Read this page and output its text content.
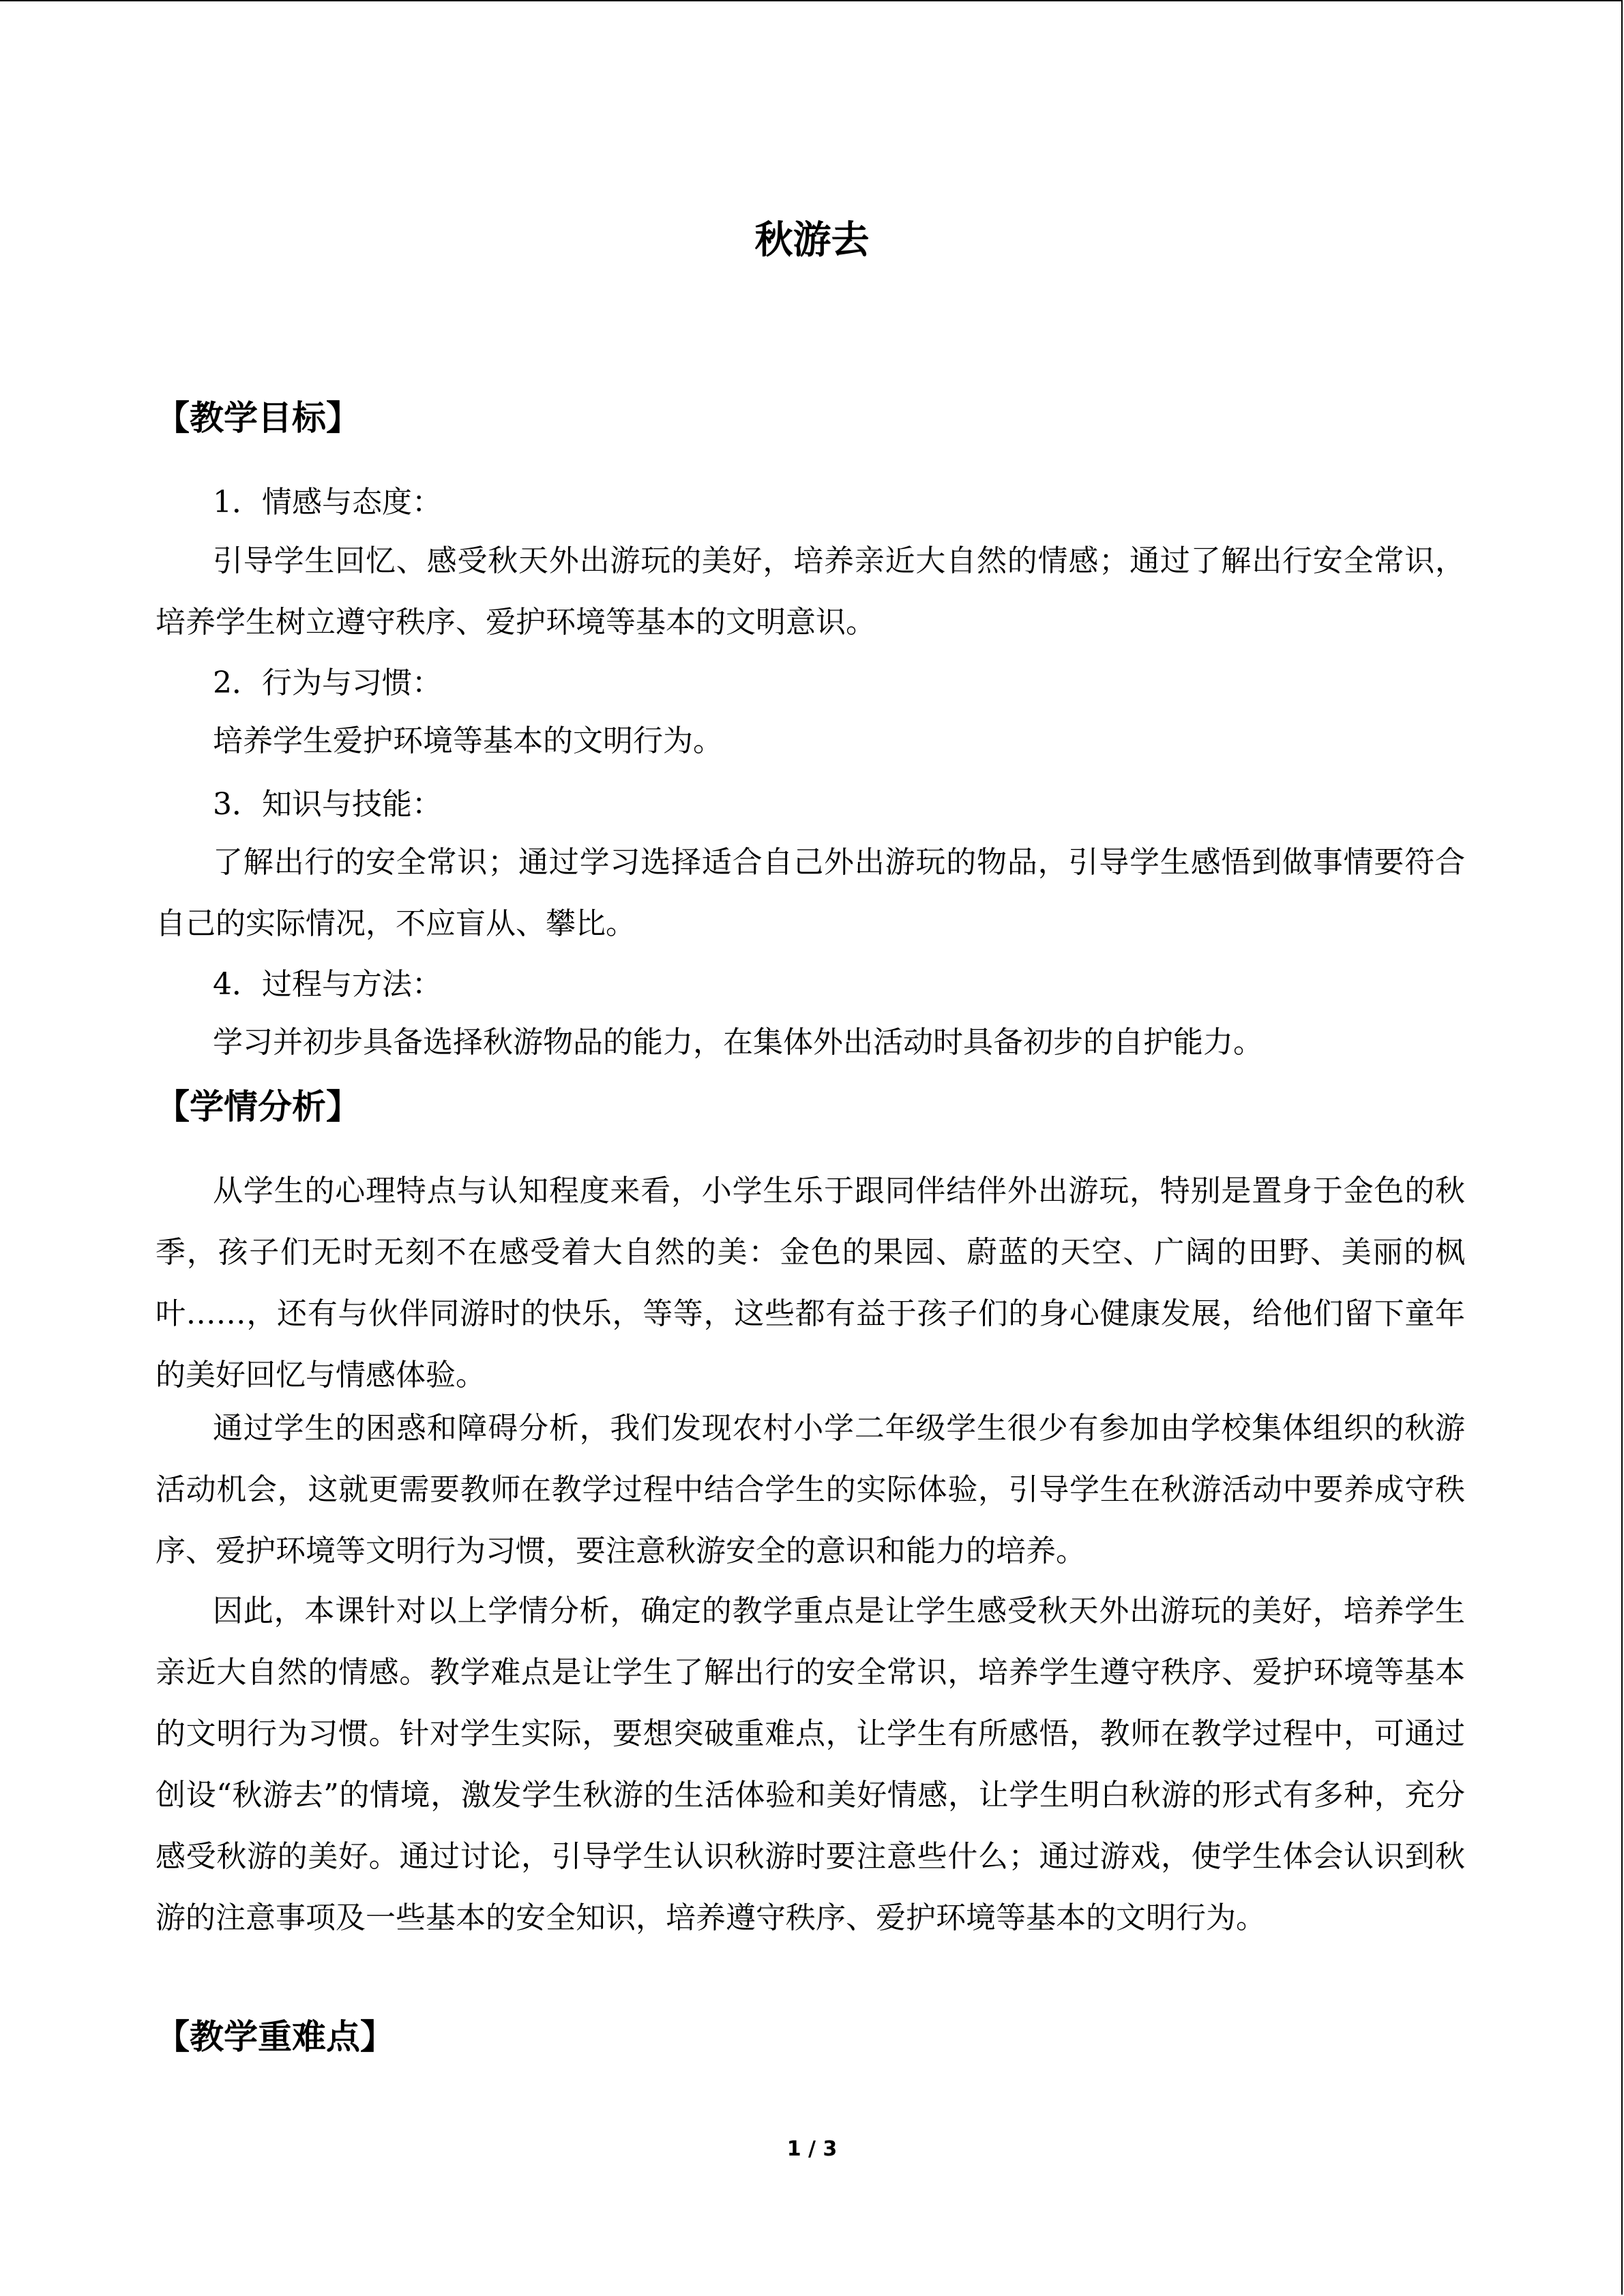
秋游去
【教学目标】

1．情感与态度：

引导学生回忆、感受秋天外出游玩的美好，培养亲近大自然的情感；通过了解出行安全常识，培养学生树立遵守秩序、爱护环境等基本的文明意识。

2．行为与习惯：

培养学生爱护环境等基本的文明行为。

3．知识与技能：

了解出行的安全常识；通过学习选择适合自己外出游玩的物品，引导学生感悟到做事情要符合自己的实际情况，不应盲从、攀比。

4．过程与方法：

学习并初步具备选择秋游物品的能力，在集体外出活动时具备初步的自护能力。

【学情分析】

从学生的心理特点与认知程度来看，小学生乐于跟同伴结伴外出游玩，特别是置身于金色的秋季，孩子们无时无刻不在感受着大自然的美：金色的果园、蔚蓝的天空、广阔的田野、美丽的枫叶……，还有与伙伴同游时的快乐，等等，这些都有益于孩子们的身心健康发展，给他们留下童年的美好回忆与情感体验。

通过学生的困惑和障碍分析，我们发现农村小学二年级学生很少有参加由学校集体组织的秋游活动机会，这就更需要教师在教学过程中结合学生的实际体验，引导学生在秋游活动中要养成守秩序、爱护环境等文明行为习惯，要注意秋游安全的意识和能力的培养。

因此，本课针对以上学情分析，确定的教学重点是让学生感受秋天外出游玩的美好，培养学生亲近大自然的情感。教学难点是让学生了解出行的安全常识，培养学生遵守秩序、爱护环境等基本的文明行为习惯。针对学生实际，要想突破重难点，让学生有所感悟，教师在教学过程中，可通过创设“秋游去”的情境，激发学生秋游的生活体验和美好情感，让学生明白秋游的形式有多种，充分感受秋游的美好。通过讨论，引导学生认识秋游时要注意些什么；通过游戏，使学生体会认识到秋游的注意事项及一些基本的安全知识，培养遵守秩序、爱护环境等基本的文明行为。

【教学重难点】

1 / 3
